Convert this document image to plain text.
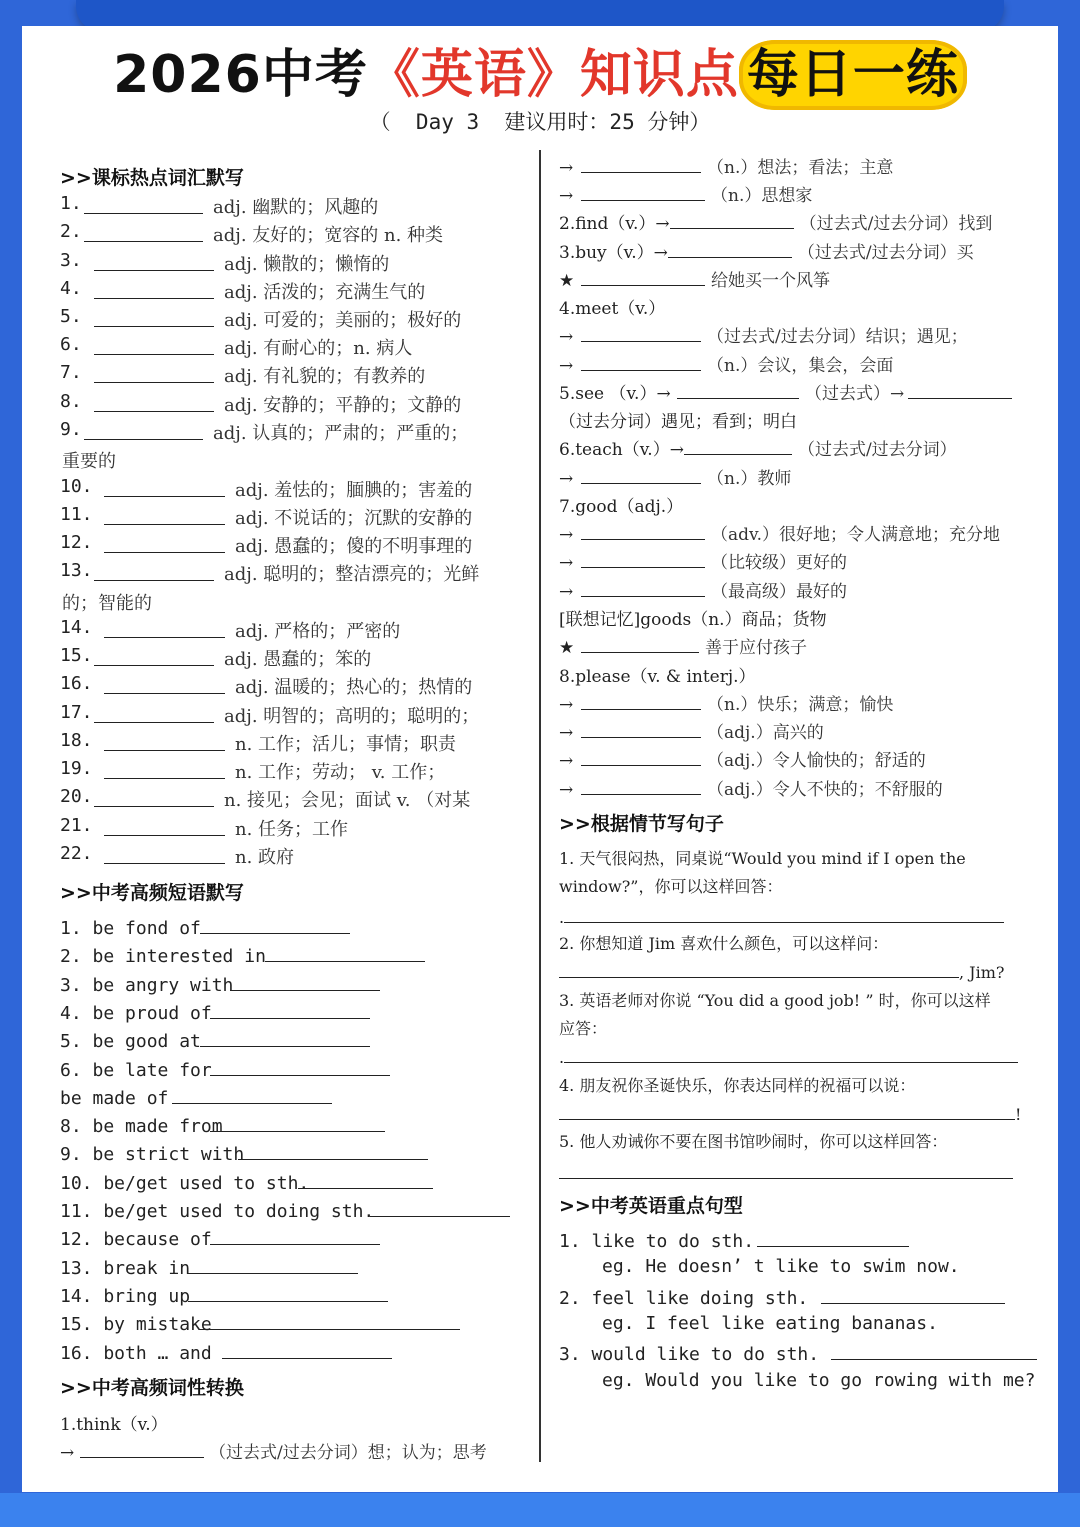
2026中考《英语》知识点 每日一练
（  Day 3  建议用时：25 分钟）
>>课标热点词汇默写
1.	adj. 幽默的；风趣的
2.	adj. 友好的；宽容的 n. 种类
3.	adj. 懒散的；懒惰的
4.	adj. 活泼的；充满生气的
5.	adj. 可爱的；美丽的；极好的
6.	adj. 有耐心的；n. 病人
7.	adj. 有礼貌的；有教养的
8.	adj. 安静的；平静的；文静的
9.	adj. 认真的；严肃的；严重的；
重要的
10.	adj. 羞怯的；腼腆的；害羞的
11.	adj. 不说话的；沉默的安静的
12.	adj. 愚蠢的；傻的不明事理的
13.	adj. 聪明的；整洁漂亮的；光鲜
的；智能的
14.	adj. 严格的；严密的
15.	adj. 愚蠢的；笨的
16.	adj. 温暖的；热心的；热情的
17.	adj. 明智的；高明的；聪明的；
18.	n. 工作；活儿；事情；职责
19.	n. 工作；劳动； v. 工作；
20.	n. 接见；会见；面试 v. （对某
21.	n. 任务；工作
22.	n. 政府
>>中考高频短语默写
1. be fond of
2. be interested in
3. be angry with
4. be proud of
5. be good at
6. be late for
be made of
8. be made from
9. be strict with
10. be/get used to sth.
11. be/get used to doing sth.
12. because of
13. break in
14. bring up
15. by mistake
16. both … and
>>中考高频词性转换
1.think（v.）
→	（过去式/过去分词）想；认为；思考
→	（n.）想法；看法；主意
→	（n.）思想家
2.find（v.）→	（过去式/过去分词）找到
3.buy（v.）→	（过去式/过去分词）买
★	给她买一个风筝
4.meet（v.）
→	（过去式/过去分词）结识；遇见；
→	（n.）会议，集会，会面
5.see （v.）→	（过去式）→
（过去分词）遇见；看到；明白
6.teach（v.）→	（过去式/过去分词）
→	（n.）教师
7.good（adj.）
→	（adv.）很好地；令人满意地；充分地
→	（比较级）更好的
→	（最高级）最好的
[联想记忆]goods（n.）商品；货物
★	善于应付孩子
8.please（v. & interj.）
→	（n.）快乐；满意；愉快
→	（adj.）高兴的
→	（adj.）令人愉快的；舒适的
→	（adj.）令人不快的；不舒服的
>>根据情节写句子
1. 天气很闷热，同桌说“Would you mind if I open the
window?”，你可以这样回答：
.
2. 你想知道 Jim 喜欢什么颜色，可以这样问：
, Jim?
3. 英语老师对你说 “You did a good job! ” 时，你可以这样
应答：
.
4. 朋友祝你圣诞快乐，你表达同样的祝福可以说：
!
5. 他人劝诫你不要在图书馆吵闹时，你可以这样回答：
>>中考英语重点句型
1. like to do sth.
eg. He doesn’ t like to swim now.
2. feel like doing sth.
eg. I feel like eating bananas.
3. would like to do sth.
eg. Would you like to go rowing with me?
